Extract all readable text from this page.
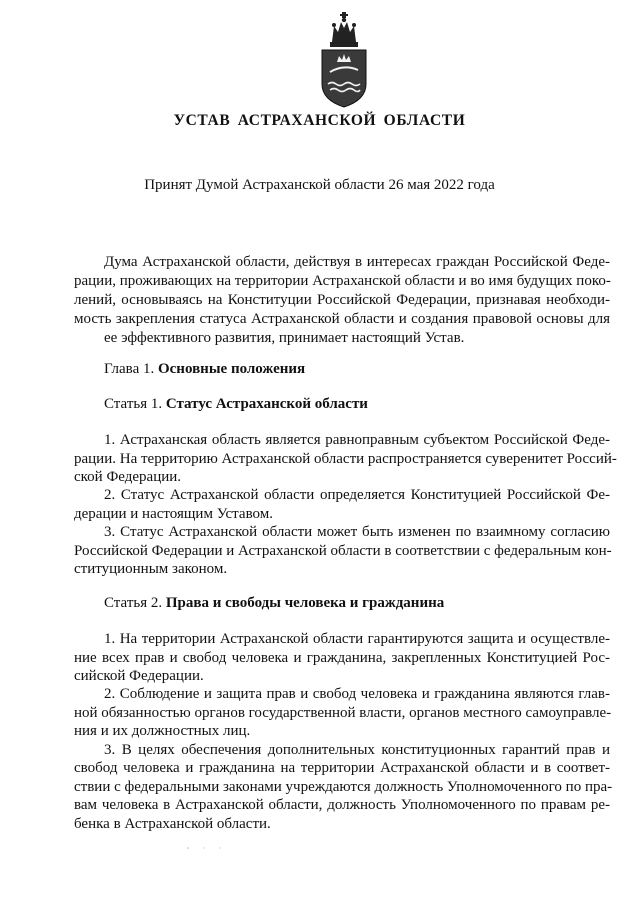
УСТАВ АСТРАХАНСКОЙ ОБЛАСТИ
Принят Думой Астраханской области 26 мая 2022 года
Дума Астраханской области, действуя в интересах граждан Российской Феде-
рации, проживающих на территории Астраханской области и во имя будущих поко-
лений, основываясь на Конституции Российской Федерации, признавая необходи-
мость закрепления статуса Астраханской области и создания правовой основы для
ее эффективного развития, принимает настоящий Устав.
Глава 1. Основные положения
Статья 1. Статус Астраханской области
1. Астраханская область является равноправным субъектом Российской Феде-
рации. На территорию Астраханской области распространяется суверенитет Россий-
ской Федерации.
2. Статус Астраханской области определяется Конституцией Российской Фе-
дерации и настоящим Уставом.
3. Статус Астраханской области может быть изменен по взаимному согласию
Российской Федерации и Астраханской области в соответствии с федеральным кон-
ституционным законом.
Статья 2. Права и свободы человека и гражданина
1. На территории Астраханской области гарантируются защита и осуществле-
ние всех прав и свобод человека и гражданина, закрепленных Конституцией Рос-
сийской Федерации.
2. Соблюдение и защита прав и свобод человека и гражданина являются глав-
ной обязанностью органов государственной власти, органов местного самоуправле-
ния и их должностных лиц.
3. В целях обеспечения дополнительных конституционных гарантий прав и
свобод человека и гражданина на территории Астраханской области и в соответ-
ствии с федеральными законами учреждаются должность Уполномоченного по пра-
вам человека в Астраханской области, должность Уполномоченного по правам ре-
бенка в Астраханской области.
